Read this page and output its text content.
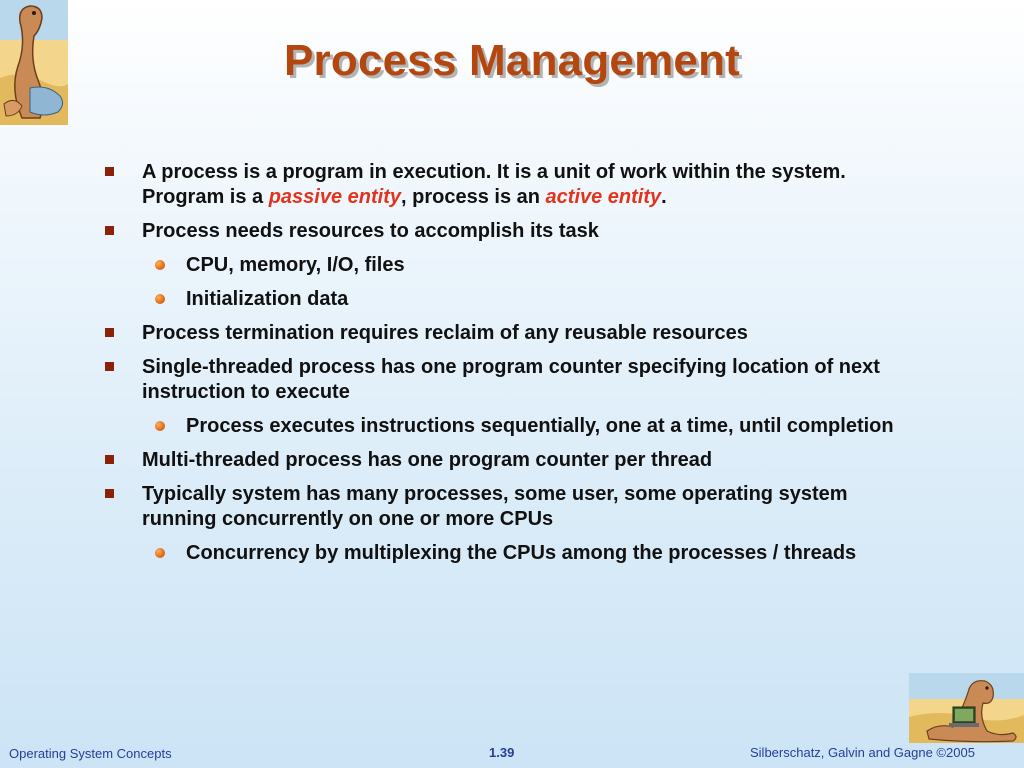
Process Management
A process is a program in execution. It is a unit of work within the system. Program is a passive entity, process is an active entity.
Process needs resources to accomplish its task
CPU, memory, I/O, files
Initialization data
Process termination requires reclaim of any reusable resources
Single-threaded process has one program counter specifying location of next instruction to execute
Process executes instructions sequentially, one at a time, until completion
Multi-threaded process has one program counter per thread
Typically system has many processes, some user, some operating system running concurrently on one or more CPUs
Concurrency by multiplexing the CPUs among the processes / threads
Operating System Concepts	1.39	Silberschatz, Galvin and Gagne ©2005
